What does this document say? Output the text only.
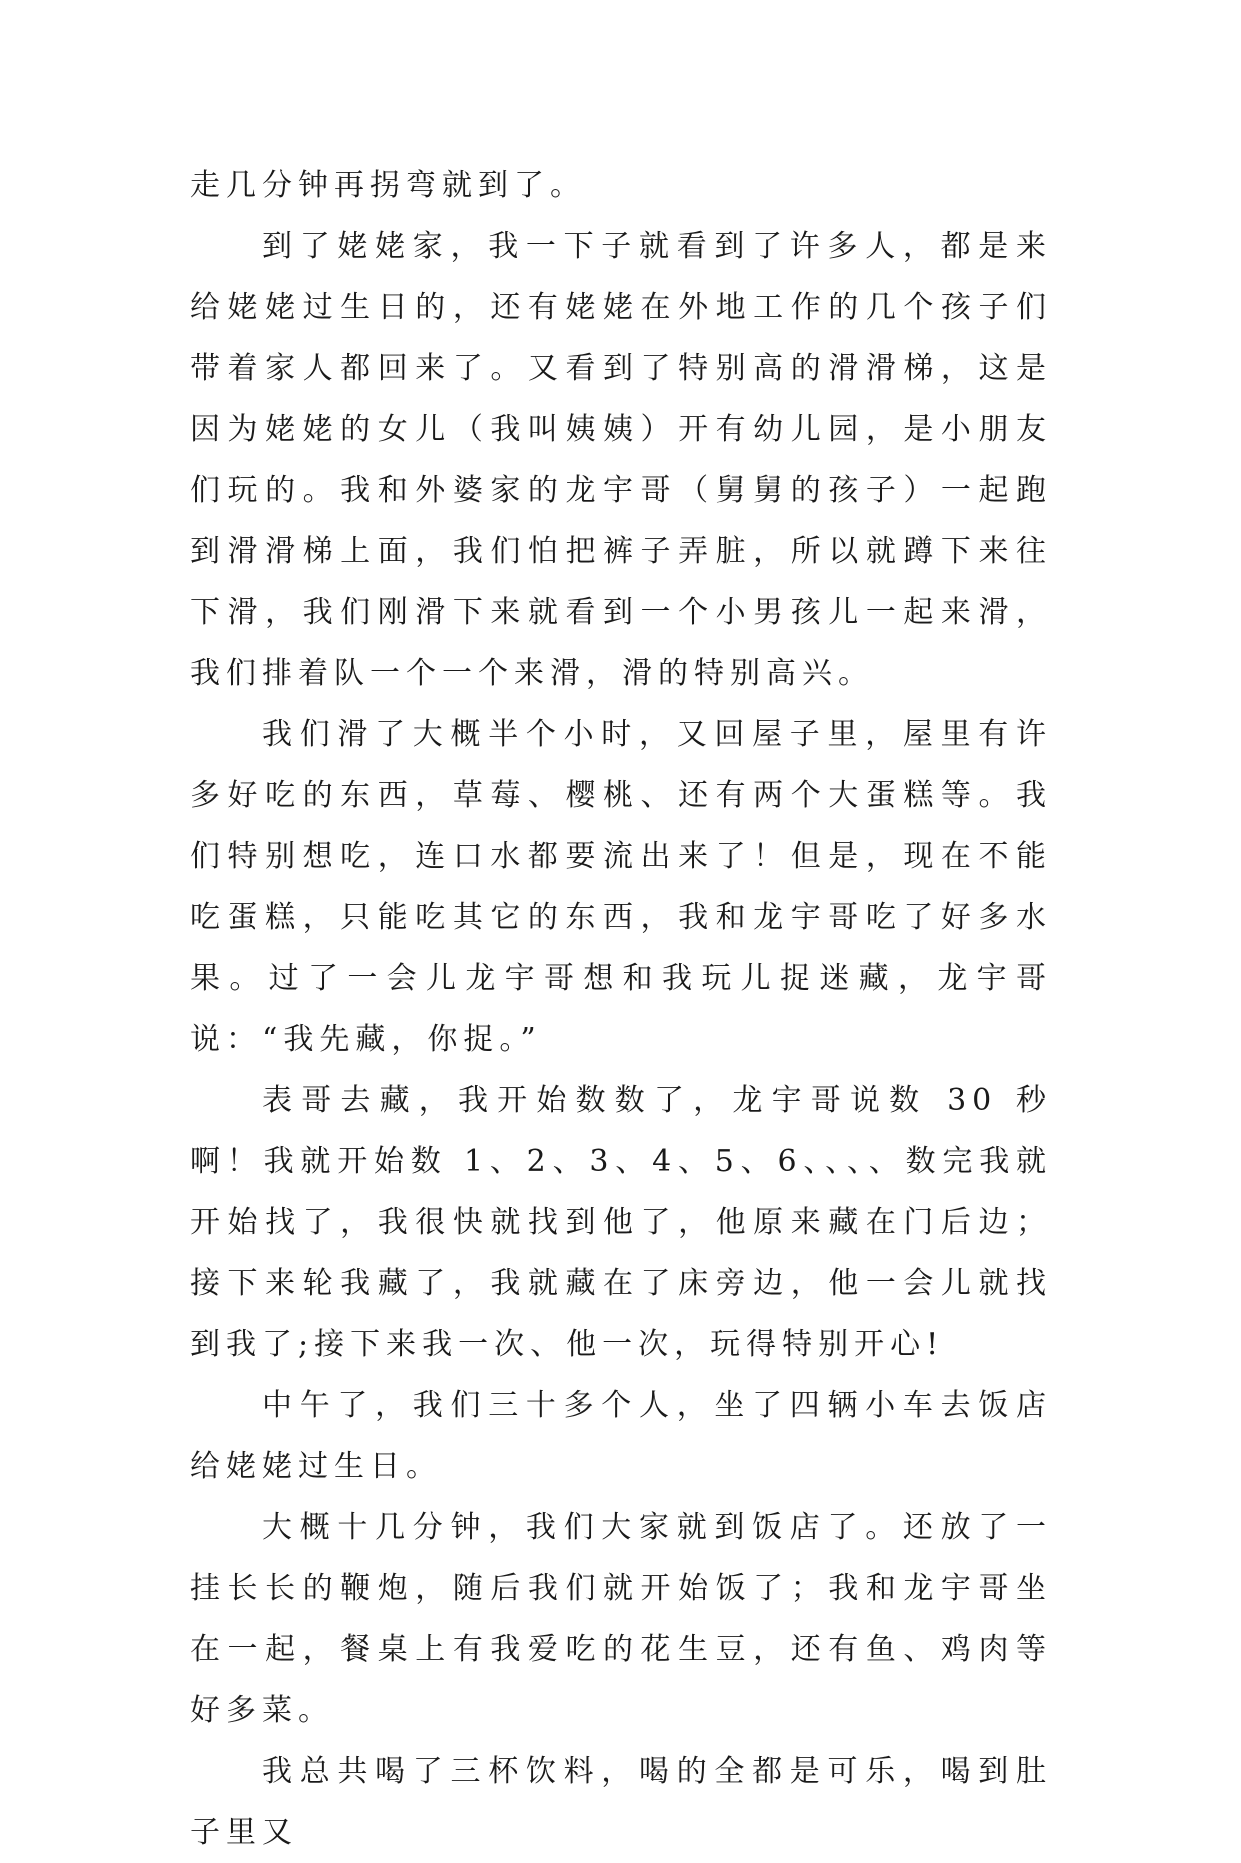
走几分钟再拐弯就到了。

到了姥姥家，我一下子就看到了许多人，都是来给姥姥过生日的，还有姥姥在外地工作的几个孩子们带着家人都回来了。又看到了特别高的滑滑梯，这是因为姥姥的女儿（我叫姨姨）开有幼儿园，是小朋友们玩的。我和外婆家的龙宇哥（舅舅的孩子）一起跑到滑滑梯上面，我们怕把裤子弄脏，所以就蹲下来往下滑，我们刚滑下来就看到一个小男孩儿一起来滑，我们排着队一个一个来滑，滑的特别高兴。

我们滑了大概半个小时，又回屋子里，屋里有许多好吃的东西，草莓、樱桃、还有两个大蛋糕等。我们特别想吃，连口水都要流出来了！但是，现在不能吃蛋糕，只能吃其它的东西，我和龙宇哥吃了好多水果。过了一会儿龙宇哥想和我玩儿捉迷藏，龙宇哥说：“我先藏，你捉。”

表哥去藏，我开始数数了，龙宇哥说数 30 秒啊！我就开始数 1、2、3、4、5、6、、、、数完我就开始找了，我很快就找到他了，他原来藏在门后边；接下来轮我藏了，我就藏在了床旁边，他一会儿就找到我了;接下来我一次、他一次，玩得特别开心!

中午了，我们三十多个人，坐了四辆小车去饭店给姥姥过生日。

大概十几分钟，我们大家就到饭店了。还放了一挂长长的鞭炮，随后我们就开始饭了；我和龙宇哥坐在一起，餐桌上有我爱吃的花生豆，还有鱼、鸡肉等好多菜。

我总共喝了三杯饮料，喝的全都是可乐，喝到肚子里又
